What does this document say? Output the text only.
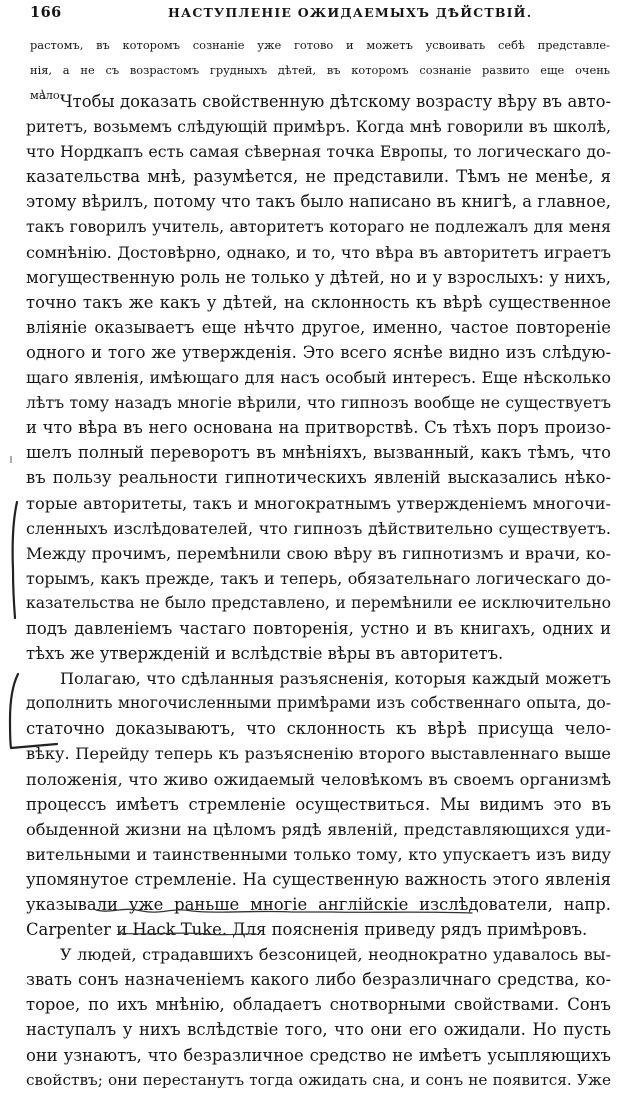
166	НАСТУПЛЕНІЕ ОЖИДАЕМЫХЪ ДѢЙСТВІЙ.
растомъ, въ которомъ сознаніе уже готово и можетъ усвоивать себѣ представле-
нія, а не съ возрастомъ грудныхъ дѣтей, въ которомъ сознаніе развито еще очень
мало.
Чтобы доказать свойственную дѣтскому возрасту вѣру въ авто-
ритетъ, возьмемъ слѣдующій примѣръ. Когда мнѣ говорили въ школѣ,
что Нордкапъ есть самая сѣверная точка Европы, то логическаго до-
казательства мнѣ, разумѣется, не представили. Тѣмъ не менѣе, я
этому вѣрилъ, потому что такъ было написано въ книгѣ, а главное,
такъ говорилъ учитель, авторитетъ котораго не подлежалъ для меня
сомнѣнію. Достовѣрно, однако, и то, что вѣра въ авторитетъ играетъ
могущественную роль не только у дѣтей, но и у взрослыхъ: у нихъ,
точно такъ же какъ у дѣтей, на склонность къ вѣрѣ существенное
вліяніе оказываетъ еще нѣчто другое, именно, частое повтореніе
одного и того же утвержденія. Это всего яснѣе видно изъ слѣдую-
щаго явленія, имѣющаго для насъ особый интересъ. Еще нѣсколько
лѣтъ тому назадъ многіе вѣрили, что гипнозъ вообще не существуетъ
и что вѣра въ него основана на притворствѣ. Съ тѣхъ поръ произо-
шелъ полный переворотъ въ мнѣніяхъ, вызванный, какъ тѣмъ, что
въ пользу реальности гипнотическихъ явленій высказались нѣко-
торые авторитеты, такъ и многократнымъ утвержденіемъ многочи-
сленныхъ изслѣдователей, что гипнозъ дѣйствительно существуетъ.
Между прочимъ, перемѣнили свою вѣру въ гипнотизмъ и врачи, ко-
торымъ, какъ прежде, такъ и теперь, обязательнаго логическаго до-
казательства не было представлено, и перемѣнили ее исключительно
подъ давленіемъ частаго повторенія, устно и въ книгахъ, одних и
тѣхъ же утвержденій и вслѣдствіе вѣры въ авторитетъ.
Полагаю, что сдѣланныя разъясненія, которыя каждый можетъ
дополнить многочисленными примѣрами изъ собственнаго опыта, до-
статочно доказываютъ, что склонность къ вѣрѣ присуща чело-
вѣку. Перейду теперь къ разъясненію второго выставленнаго выше
положенія, что живо ожидаемый человѣкомъ въ своемъ организмѣ
процессъ имѣетъ стремленіе осуществиться. Мы видимъ это въ
обыденной жизни на цѣломъ рядѣ явленій, представляющихся уди-
вительными и таинственными только тому, кто упускаетъ изъ виду
упомянутое стремленіе. На существенную важность этого явленія
указывали уже раньше многіе англійскіе изслѣдователи, напр.
Carpenter и Hack Tuke. Для поясненія приведу рядъ примѣровъ.
У людей, страдавшихъ безсоницей, неоднократно удавалось вы-
звать сонъ назначеніемъ какого либо безразличнаго средства, ко-
торое, по ихъ мнѣнію, обладаетъ снотворными свойствами. Сонъ
наступалъ у нихъ вслѣдствіе того, что они его ожидали. Но пусть
они узнаютъ, что безразличное средство не имѣетъ усыпляющихъ
свойствъ; они перестанутъ тогда ожидать сна, и сонъ не появится. Уже
